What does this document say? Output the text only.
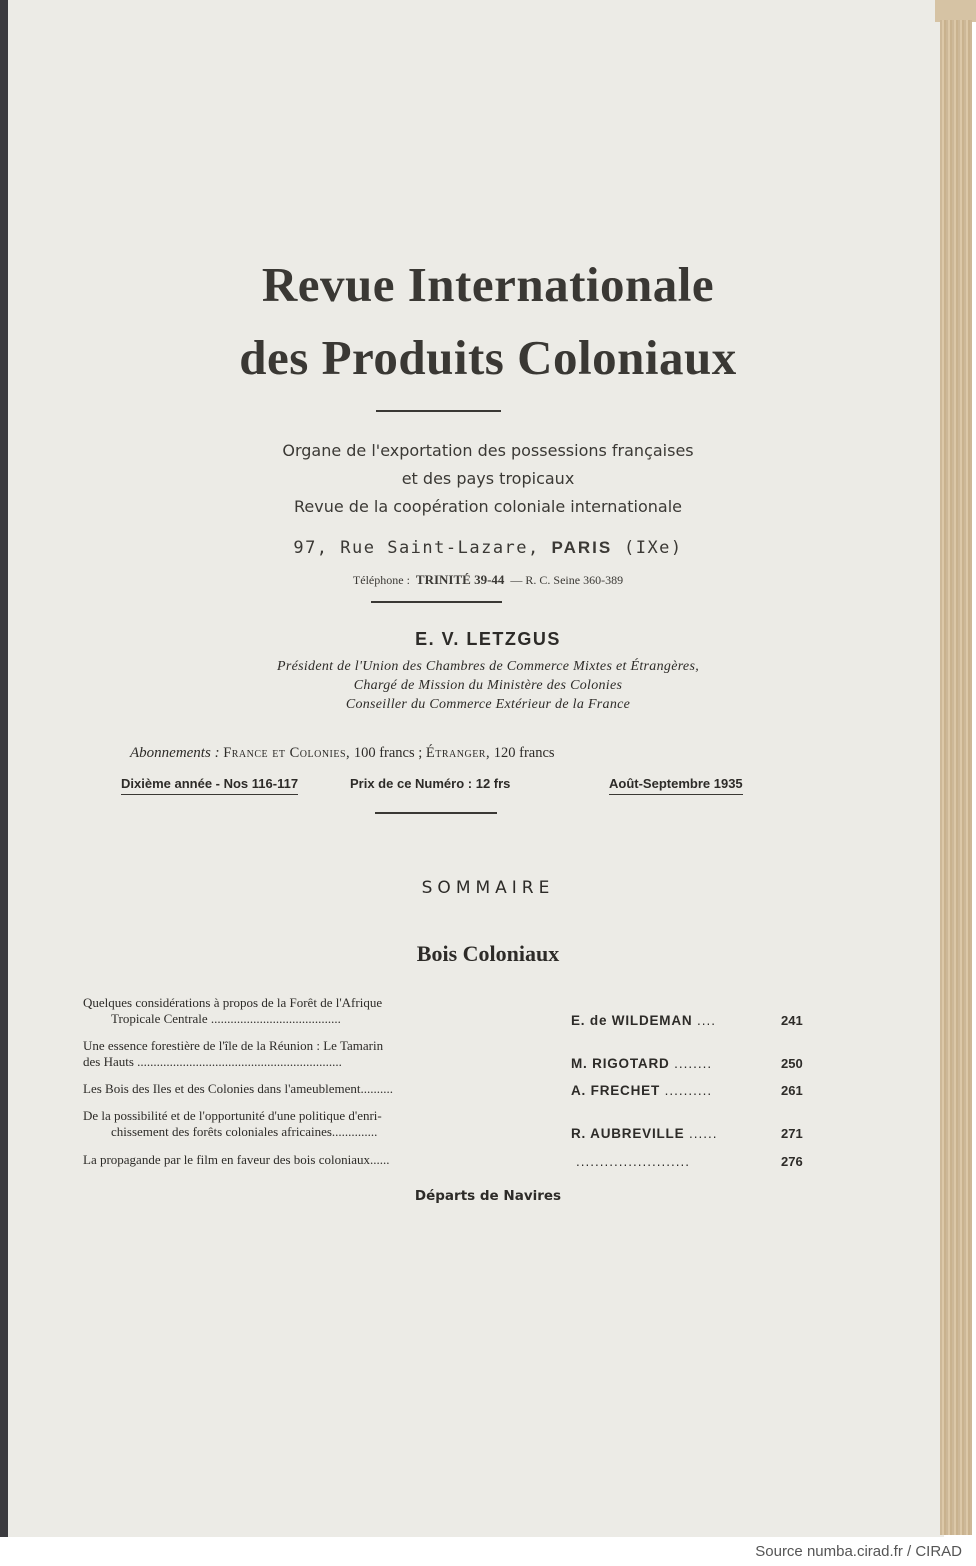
Revue Internationale
des Produits Coloniaux
Organe de l'exportation des possessions françaises
et des pays tropicaux
Revue de la coopération coloniale internationale
97, Rue Saint-Lazare, PARIS (IXe)
Téléphone : TRINITÉ 39-44 — R. C. Seine 360-389
E. V. LETZGUS
Président de l'Union des Chambres de Commerce Mixtes et Étrangères,
Chargé de Mission du Ministère des Colonies
Conseiller du Commerce Extérieur de la France
Abonnements : France et Colonies, 100 francs ; Étranger, 120 francs
Dixième année - Nos 116-117	Prix de ce Numéro : 12 frs	Août-Septembre 1935
SOMMAIRE
Bois Coloniaux
Quelques considérations à propos de la Forêt de l'Afrique
Tropicale Centrale ........................................	E. de WILDEMAN ....	241
Une essence forestière de l'île de la Réunion : Le Tamarin
des Hauts ...............................................................	M. RIGOTARD ........	250
Les Bois des Iles et des Colonies dans l'ameublement..........	A. FRECHET ..........	261
De la possibilité et de l'opportunité d'une politique d'enri-
chissement des forêts coloniales africaines..............	R. AUBREVILLE ......	271
La propagande par le film en faveur des bois coloniaux......	........................	276
Départs de Navires
Source numba.cirad.fr / CIRAD
